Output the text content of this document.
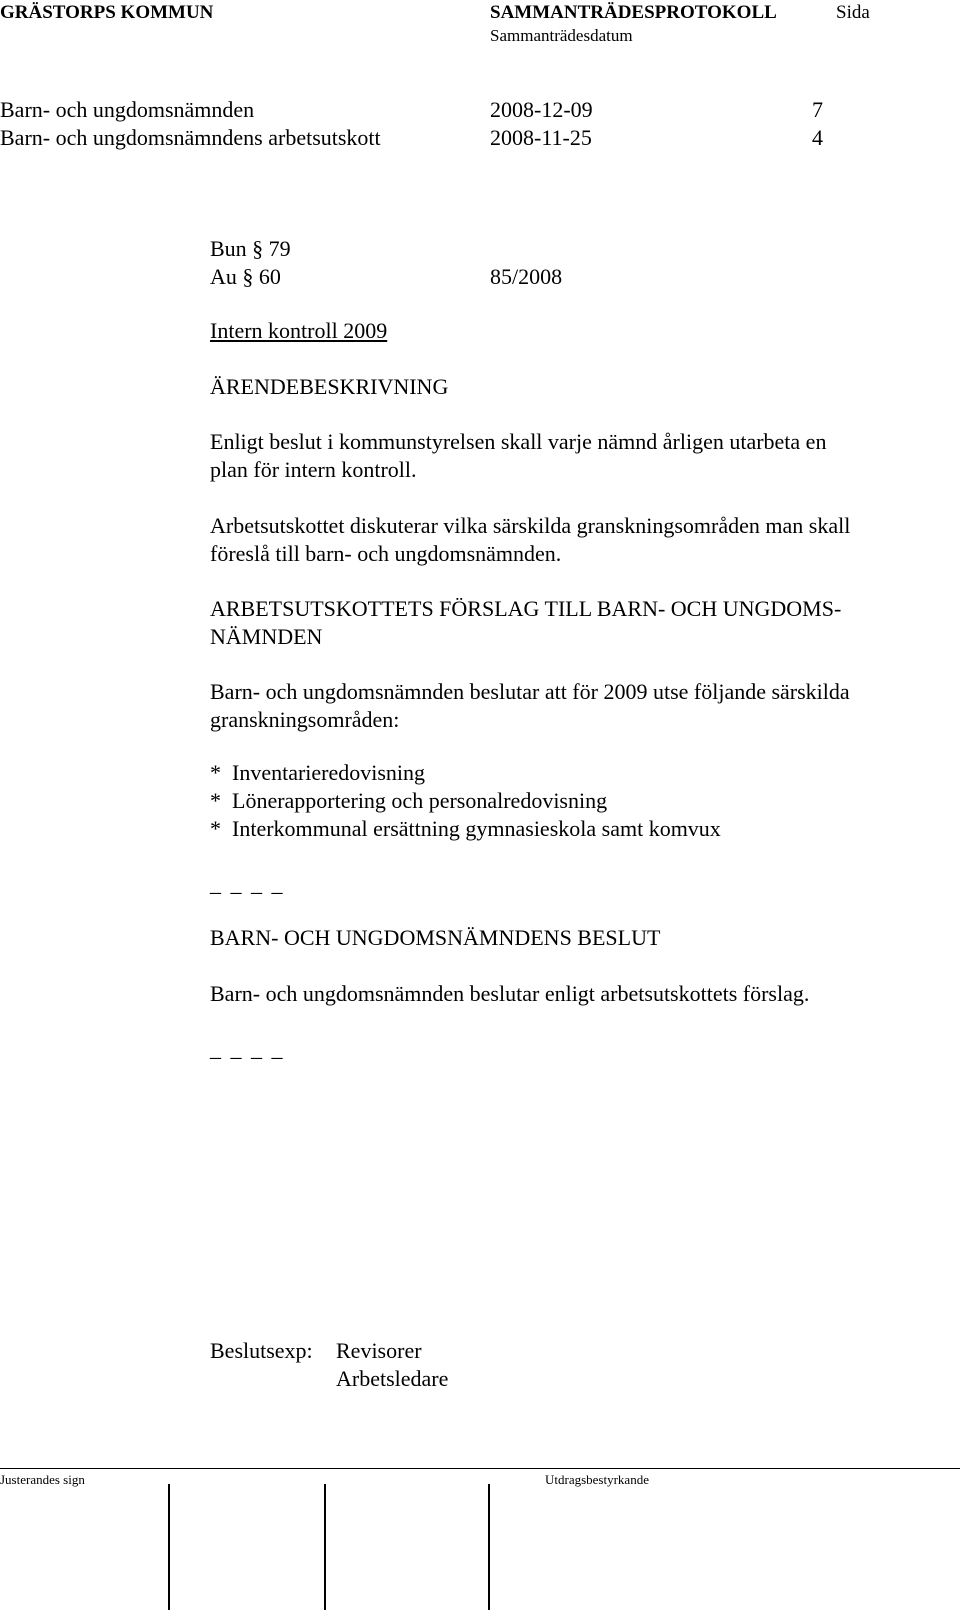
GRÄSTORPS KOMMUN	SAMMANTRÄDESPROTOKOLL	Sida
Sammanträdesdatum
Barn- och ungdomsnämnden	2008-12-09	7
Barn- och ungdomsnämndens arbetsutskott	2008-11-25	4
Bun § 79
Au § 60	85/2008
Intern kontroll 2009
ÄRENDEBESKRIVNING
Enligt beslut i kommunstyrelsen skall varje nämnd årligen utarbeta en
plan för intern kontroll.
Arbetsutskottet diskuterar vilka särskilda granskningsområden man skall
föreslå till barn- och ungdomsnämnden.
ARBETSUTSKOTTETS FÖRSLAG TILL BARN- OCH UNGDOMS-
NÄMNDEN
Barn- och ungdomsnämnden beslutar att för 2009 utse följande särskilda
granskningsområden:
*  Inventarieredovisning
*  Lönerapportering och personalredovisning
*  Interkommunal ersättning gymnasieskola samt komvux
_ _ _ _
BARN- OCH UNGDOMSNÄMNDENS BESLUT
Barn- och ungdomsnämnden beslutar enligt arbetsutskottets förslag.
_ _ _ _
Beslutsexp: Revisorer
Arbetsledare
Justerandes sign	Utdragsbestyrkande
